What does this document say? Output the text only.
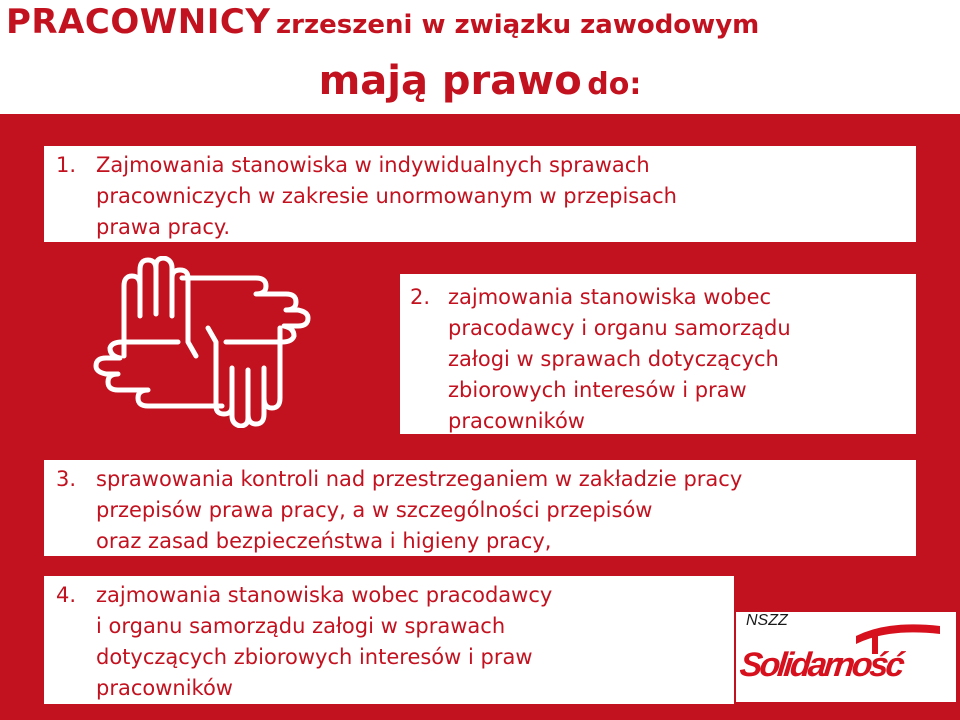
PRACOWNICY zrzeszeni w związku zawodowym
mają prawo do:
1. Zajmowania stanowiska w indywidualnych sprawach
pracowniczych w zakresie unormowanym w przepisach
prawa pracy.
2. zajmowania stanowiska wobec
pracodawcy i organu samorządu
załogi w sprawach dotyczących
zbiorowych interesów i praw
pracowników
3. sprawowania kontroli nad przestrzeganiem w zakładzie pracy
przepisów prawa pracy, a w szczególności przepisów
oraz zasad bezpieczeństwa i higieny pracy,
4. zajmowania stanowiska wobec pracodawcy
i organu samorządu załogi w sprawach
dotyczących zbiorowych interesów i praw
pracowników
NSZZ
Solidarność
